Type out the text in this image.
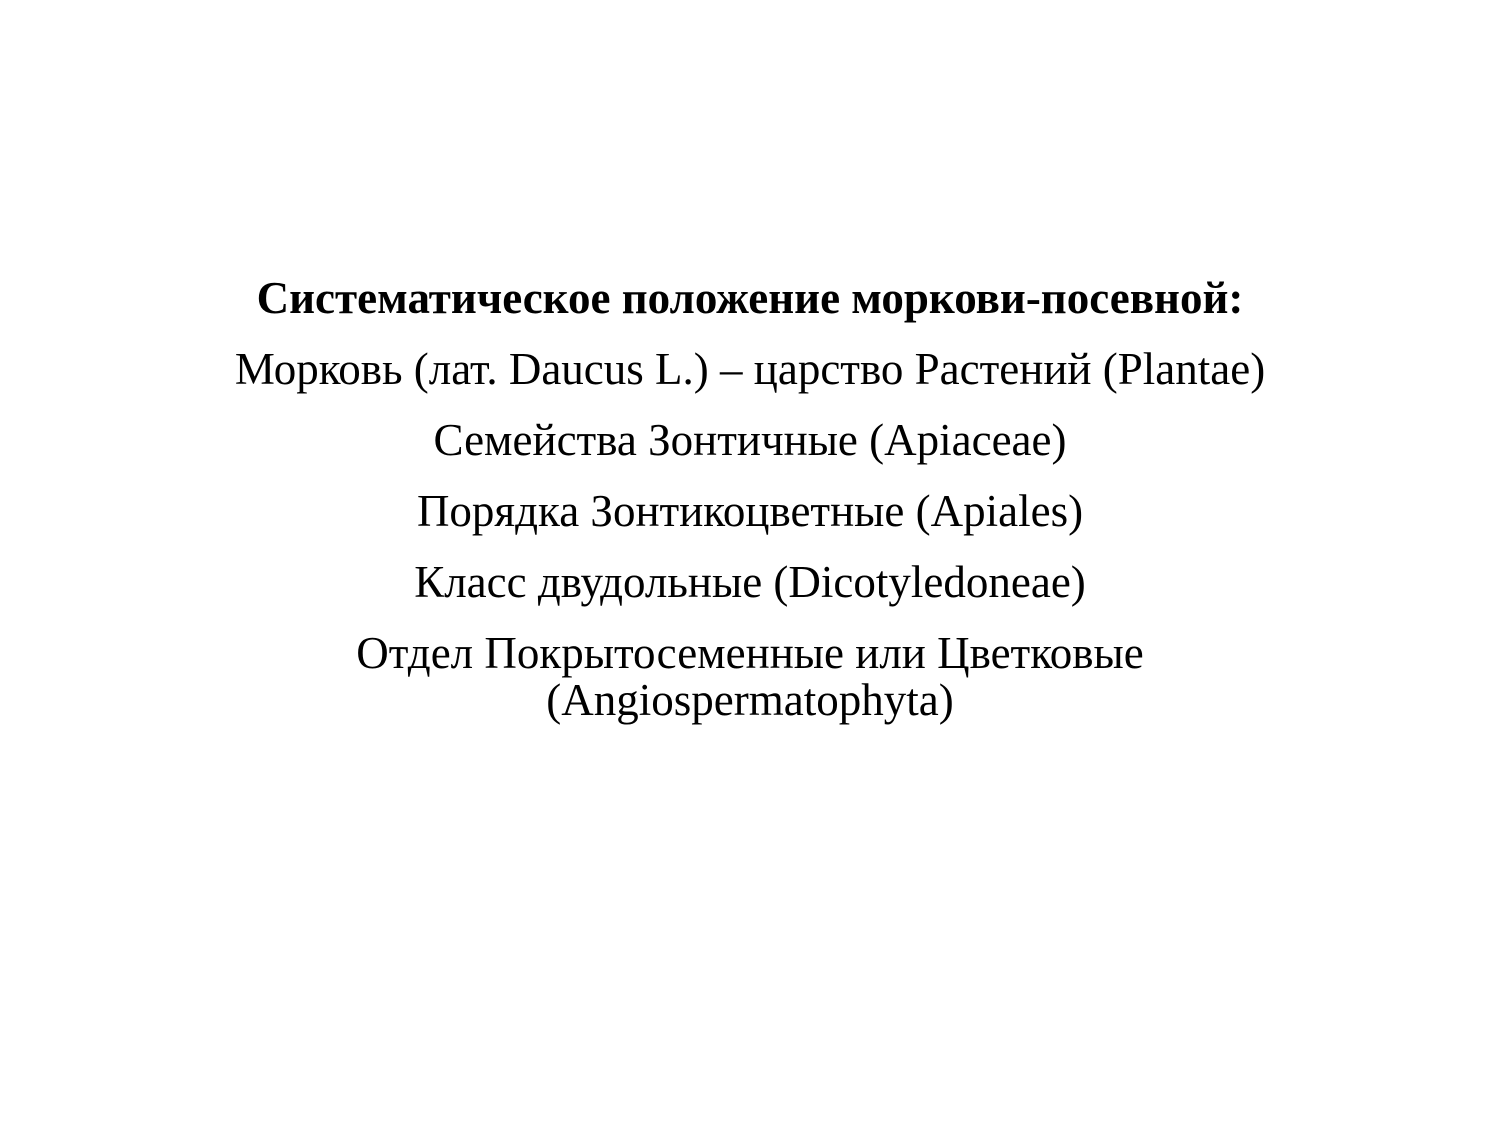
Систематическое положение моркови-посевной:
Морковь (лат. Daucus L.) – царство Растений (Plantae)
Семейства Зонтичные (Apiaceae)
Порядка Зонтикоцветные (Apiales)
Класс двудольные (Dicotyledoneae)
Отдел Покрытосеменные или Цветковые
(Angiospermatophyta)
